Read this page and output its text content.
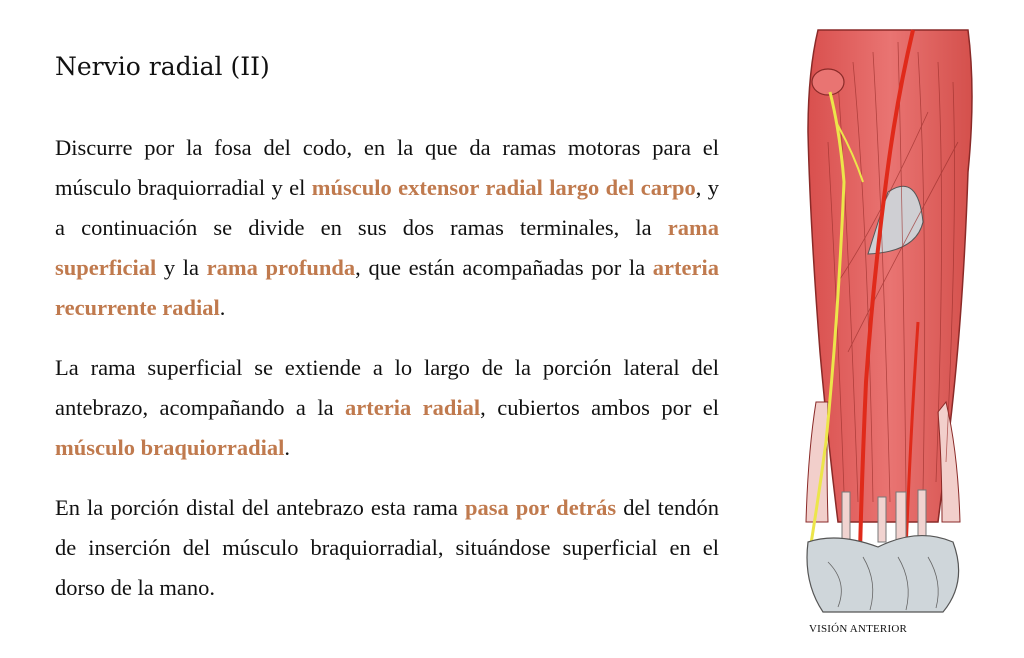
Nervio radial (II)

Discurre por la fosa del codo, en la que da ramas motoras para el músculo braquiorradial y el músculo extensor radial largo del carpo, y a continuación se divide en sus dos ramas terminales, la rama superficial y la rama profunda, que están acompañadas por la arteria recurrente radial.

La rama superficial se extiende a lo largo de la porción lateral del antebrazo, acompañando a la arteria radial, cubiertos ambos por el músculo braquiorradial.

En la porción distal del antebrazo esta rama pasa por detrás del tendón de inserción del músculo braquiorradial, situándose superficial en el dorso de la mano.

VISIÓN ANTERIOR
